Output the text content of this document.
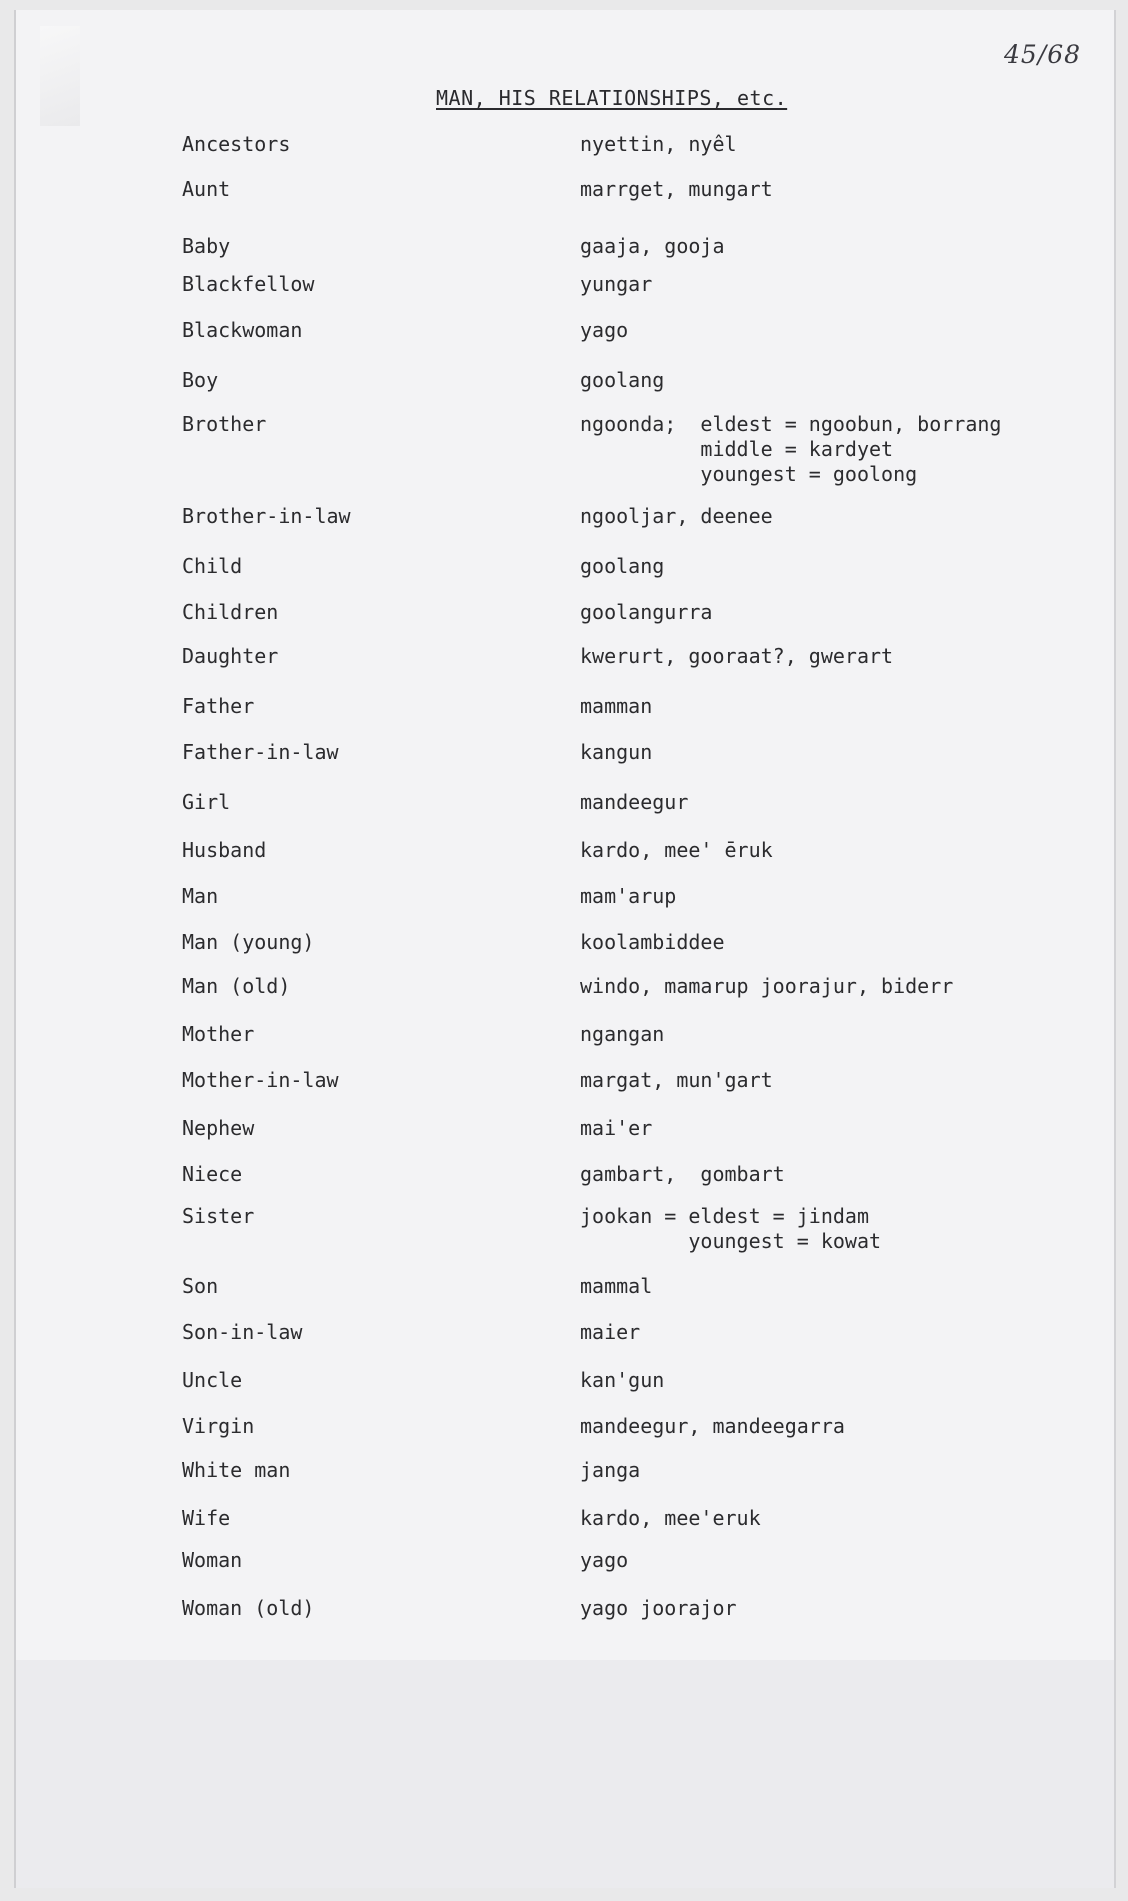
45/68
MAN, HIS RELATIONSHIPS, etc.
Ancestors	nyettin, nyêl
Aunt	marrget, mungart
Baby	gaaja, gooja
Blackfellow	yungar
Blackwoman	yago
Boy	goolang
Brother	ngoonda;  eldest = ngoobun, borrang
middle = kardyet
youngest = goolong
Brother-in-law	ngooljar, deenee
Child	goolang
Children	goolangurra
Daughter	kwerurt, gooraat?, gwerart
Father	mamman
Father-in-law	kangun
Girl	mandeegur
Husband	kardo, mee' ēruk
Man	mam'arup
Man (young)	koolambiddee
Man (old)	windo, mamarup joorajur, biderr
Mother	ngangan
Mother-in-law	margat, mun'gart
Nephew	mai'er
Niece	gambart,  gombart
Sister	jookan = eldest = jindam
youngest = kowat
Son	mammal
Son-in-law	maier
Uncle	kan'gun
Virgin	mandeegur, mandeegarra
White man	janga
Wife	kardo, mee'eruk
Woman	yago
Woman (old)	yago joorajor
